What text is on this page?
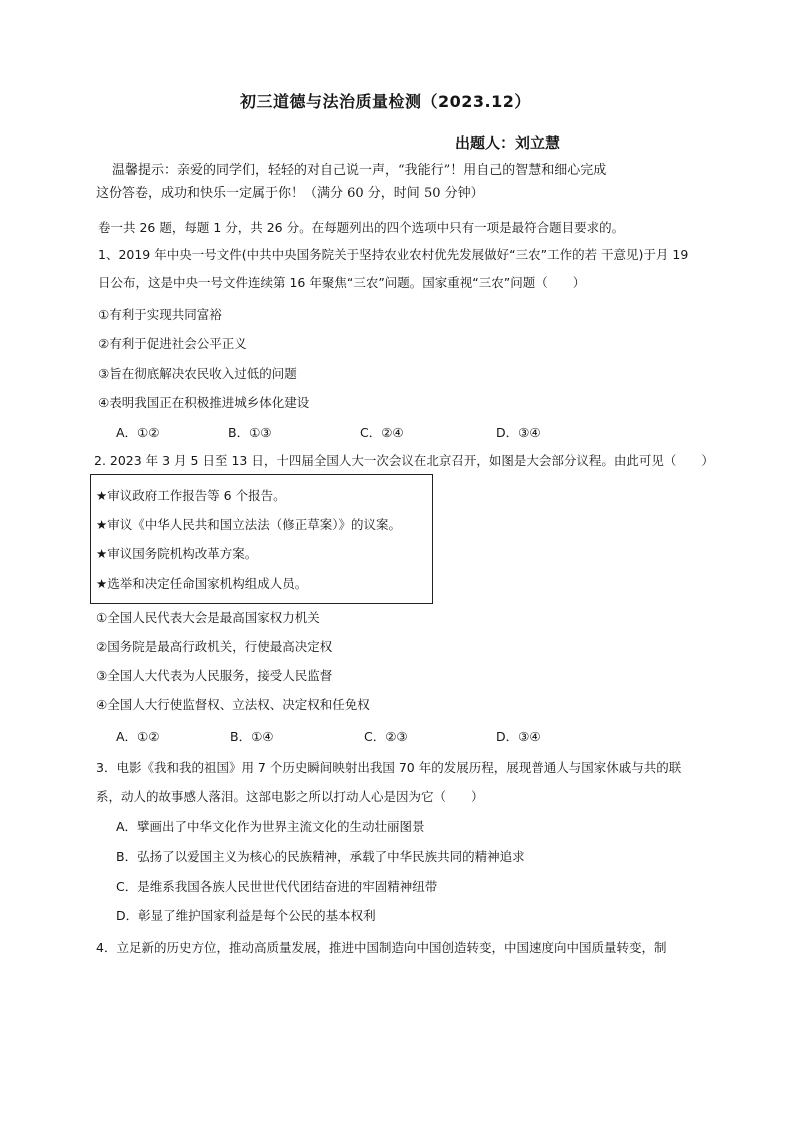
初三道德与法治质量检测（2023.12）
出题人：刘立慧
温馨提示：亲爱的同学们，轻轻的对自己说一声，“我能行”！用自己的智慧和细心完成
这份答卷，成功和快乐一定属于你！（满分 60 分，时间 50 分钟）
卷一共 26 题，每题 1 分，共 26 分。在每题列出的四个选项中只有一项是最符合题目要求的。
1、2019 年中央一号文件(中共中央国务院关于坚持农业农村优先发展做好“三农”工作的若 干意见)于月 19
日公布，这是中央一号文件连续第 16 年聚焦“三农”问题。国家重视“三农”问题（　　）
①有利于实现共同富裕
②有利于促进社会公平正义
③旨在彻底解决农民收入过低的问题
④表明我国正在积极推进城乡体化建设
A．①②	B．①③	C．②④	D．③④
2. 2023 年 3 月 5 日至 13 日，十四届全国人大一次会议在北京召开，如图是大会部分议程。由此可见（　　）
★审议政府工作报告等 6 个报告。
★审议《中华人民共和国立法法（修正草案）》的议案。
★审议国务院机构改革方案。
★选举和决定任命国家机构组成人员。
①全国人民代表大会是最高国家权力机关
②国务院是最高行政机关，行使最高决定权
③全国人大代表为人民服务，接受人民监督
④全国人大行使监督权、立法权、决定权和任免权
A．①②	B．①④	C．②③	D．③④
3．电影《我和我的祖国》用 7 个历史瞬间映射出我国 70 年的发展历程，展现普通人与国家休戚与共的联
系，动人的故事感人落泪。这部电影之所以打动人心是因为它（　　）
A．擘画出了中华文化作为世界主流文化的生动壮丽图景
B．弘扬了以爱国主义为核心的民族精神，承载了中华民族共同的精神追求
C．是维系我国各族人民世世代代团结奋进的牢固精神纽带
D．彰显了维护国家利益是每个公民的基本权利
4．立足新的历史方位，推动高质量发展，推进中国制造向中国创造转变，中国速度向中国质量转变，制
